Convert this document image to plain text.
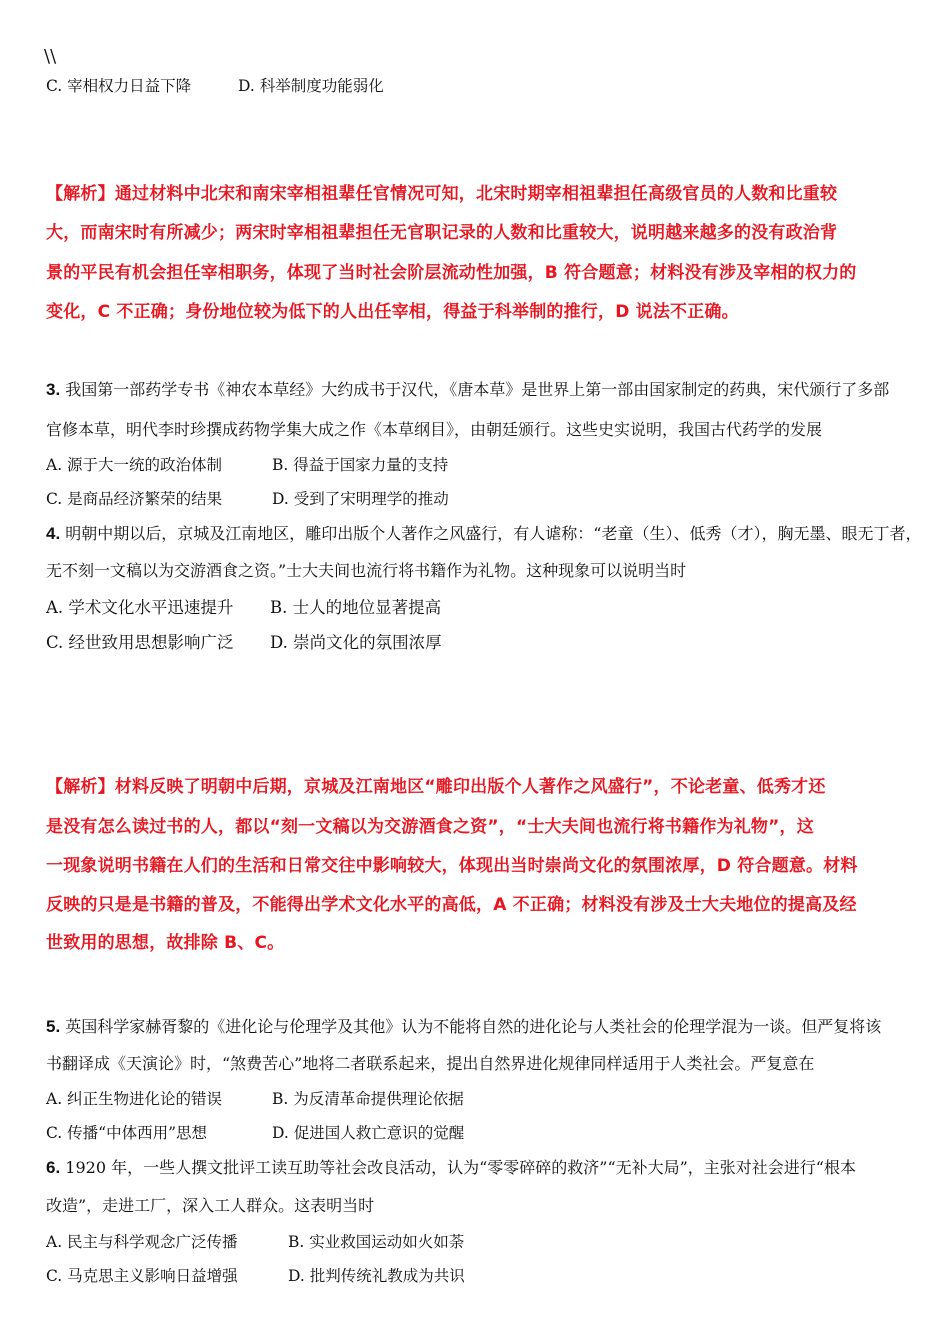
\\
C. 宰相权力日益下降	D. 科举制度功能弱化
【解析】通过材料中北宋和南宋宰相祖辈任官情况可知，北宋时期宰相祖辈担任高级官员的人数和比重较
大，而南宋时有所减少；两宋时宰相祖辈担任无官职记录的人数和比重较大，说明越来越多的没有政治背
景的平民有机会担任宰相职务，体现了当时社会阶层流动性加强，B 符合题意；材料没有涉及宰相的权力的
变化，C 不正确；身份地位较为低下的人出任宰相，得益于科举制的推行，D 说法不正确。
3. 我国第一部药学专书《神农本草经》大约成书于汉代，《唐本草》是世界上第一部由国家制定的药典，宋代颁行了多部
官修本草，明代李时珍撰成药物学集大成之作《本草纲目》，由朝廷颁行。这些史实说明，我国古代药学的发展
A. 源于大一统的政治体制	B. 得益于国家力量的支持
C. 是商品经济繁荣的结果	D. 受到了宋明理学的推动
4. 明朝中期以后，京城及江南地区，雕印出版个人著作之风盛行，有人谑称：“老童（生）、低秀（才），胸无墨、眼无丁者，
无不刻一文稿以为交游酒食之资。”士大夫间也流行将书籍作为礼物。这种现象可以说明当时
A. 学术文化水平迅速提升 B. 士人的地位显著提高
C. 经世致用思想影响广泛 D. 崇尚文化的氛围浓厚
【解析】材料反映了明朝中后期，京城及江南地区“雕印出版个人著作之风盛行”，不论老童、低秀才还
是没有怎么读过书的人，都以“刻一文稿以为交游酒食之资”，“士大夫间也流行将书籍作为礼物”，这
一现象说明书籍在人们的生活和日常交往中影响较大，体现出当时崇尚文化的氛围浓厚，D 符合题意。材料
反映的只是是书籍的普及，不能得出学术文化水平的高低，A 不正确；材料没有涉及士大夫地位的提高及经
世致用的思想，故排除 B、C。
5. 英国科学家赫胥黎的《进化论与伦理学及其他》认为不能将自然的进化论与人类社会的伦理学混为一谈。但严复将该
书翻译成《天演论》时，“煞费苦心”地将二者联系起来，提出自然界进化规律同样适用于人类社会。严复意在
A. 纠正生物进化论的错误	B. 为反清革命提供理论依据
C. 传播“中体西用”思想	D. 促进国人救亡意识的觉醒
6. 1920 年，一些人撰文批评工读互助等社会改良活动，认为“零零碎碎的救济”“无补大局”，主张对社会进行“根本
改造”，走进工厂，深入工人群众。这表明当时
A. 民主与科学观念广泛传播	B. 实业救国运动如火如荼
C. 马克思主义影响日益增强	D. 批判传统礼教成为共识
